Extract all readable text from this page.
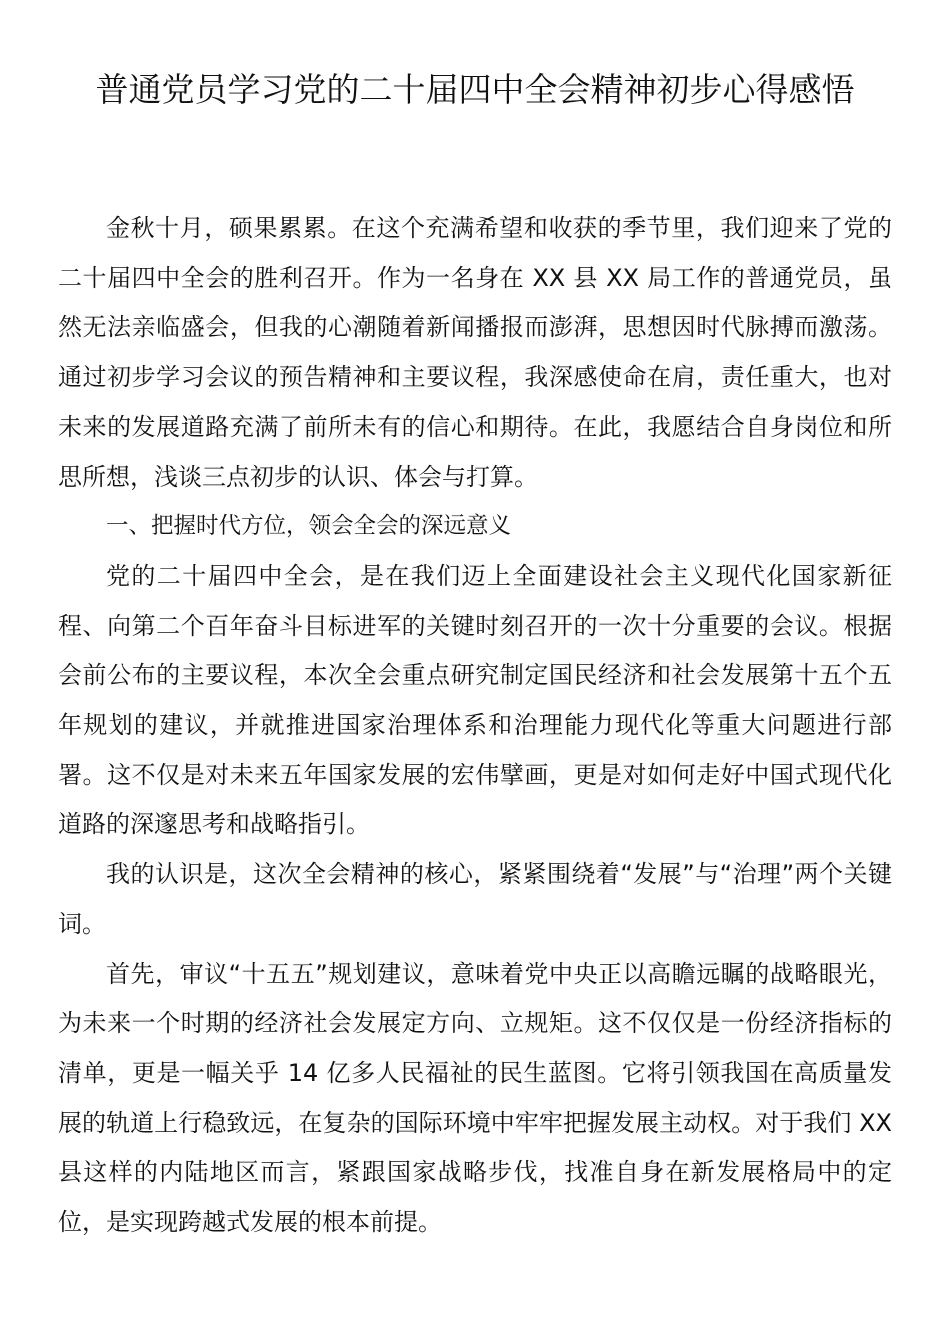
普通党员学习党的二十届四中全会精神初步心得感悟

金秋十月，硕果累累。在这个充满希望和收获的季节里，我们迎来了党的二十届四中全会的胜利召开。作为一名身在 XX 县 XX 局工作的普通党员，虽然无法亲临盛会，但我的心潮随着新闻播报而澎湃，思想因时代脉搏而激荡。通过初步学习会议的预告精神和主要议程，我深感使命在肩，责任重大，也对未来的发展道路充满了前所未有的信心和期待。在此，我愿结合自身岗位和所思所想，浅谈三点初步的认识、体会与打算。

一、把握时代方位，领会全会的深远意义

党的二十届四中全会，是在我们迈上全面建设社会主义现代化国家新征程、向第二个百年奋斗目标进军的关键时刻召开的一次十分重要的会议。根据会前公布的主要议程，本次全会重点研究制定国民经济和社会发展第十五个五年规划的建议，并就推进国家治理体系和治理能力现代化等重大问题进行部署。这不仅是对未来五年国家发展的宏伟擘画，更是对如何走好中国式现代化道路的深邃思考和战略指引。

我的认识是，这次全会精神的核心，紧紧围绕着“发展”与“治理”两个关键词。

首先，审议“十五五”规划建议，意味着党中央正以高瞻远瞩的战略眼光，为未来一个时期的经济社会发展定方向、立规矩。这不仅仅是一份经济指标的清单，更是一幅关乎 14 亿多人民福祉的民生蓝图。它将引领我国在高质量发展的轨道上行稳致远，在复杂的国际环境中牢牢把握发展主动权。对于我们 XX 县这样的内陆地区而言，紧跟国家战略步伐，找准自身在新发展格局中的定位，是实现跨越式发展的根本前提。
